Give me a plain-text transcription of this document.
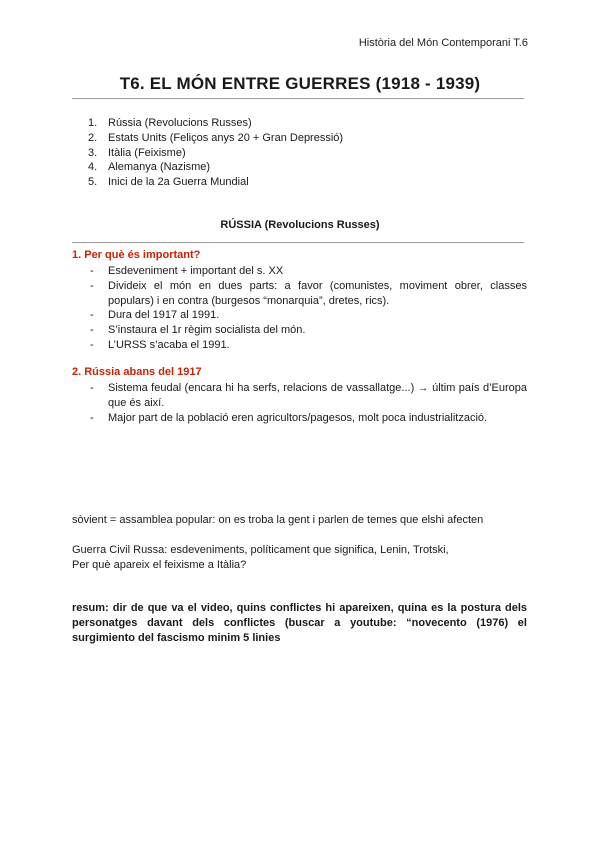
Història del Món Contemporani T.6
T6. EL MÓN ENTRE GUERRES (1918 - 1939)
1. Rússia (Revolucions Russes)
2. Estats Units (Feliços anys 20 + Gran Depressió)
3. Itàlia (Feixisme)
4. Alemanya (Nazisme)
5. Inici de la 2a Guerra Mundial
RÚSSIA (Revolucions Russes)
1. Per què és important?
-	Esdeveniment + important del s. XX
-	Divideix el món en dues parts: a favor (comunistes, moviment obrer, classes populars) i en contra (burgesos “monarquia”, dretes, rics).
-	Dura del 1917 al 1991.
-	S’instaura el 1r règim socialista del món.
-	L’URSS s’acaba el 1991.
2. Rússia abans del 1917
-	Sistema feudal (encara hi ha serfs, relacions de vassallatge...) → últim país d’Europa que és així.
-	Major part de la població eren agricultors/pagesos, molt poca industrialització.

sòvient = assamblea popular: on es troba la gent i parlen de temes que elshi afecten

Guerra Civil Russa: esdeveniments, políticament que significa, Lenin, Trotski,

Per què apareix el feixisme a Itàlia?

resum: dir de que va el video, quins conflictes hi apareixen, quina es la postura dels personatges davant dels conflictes (buscar a youtube: “novecento (1976) el surgimiento del fascismo minim 5 linies
